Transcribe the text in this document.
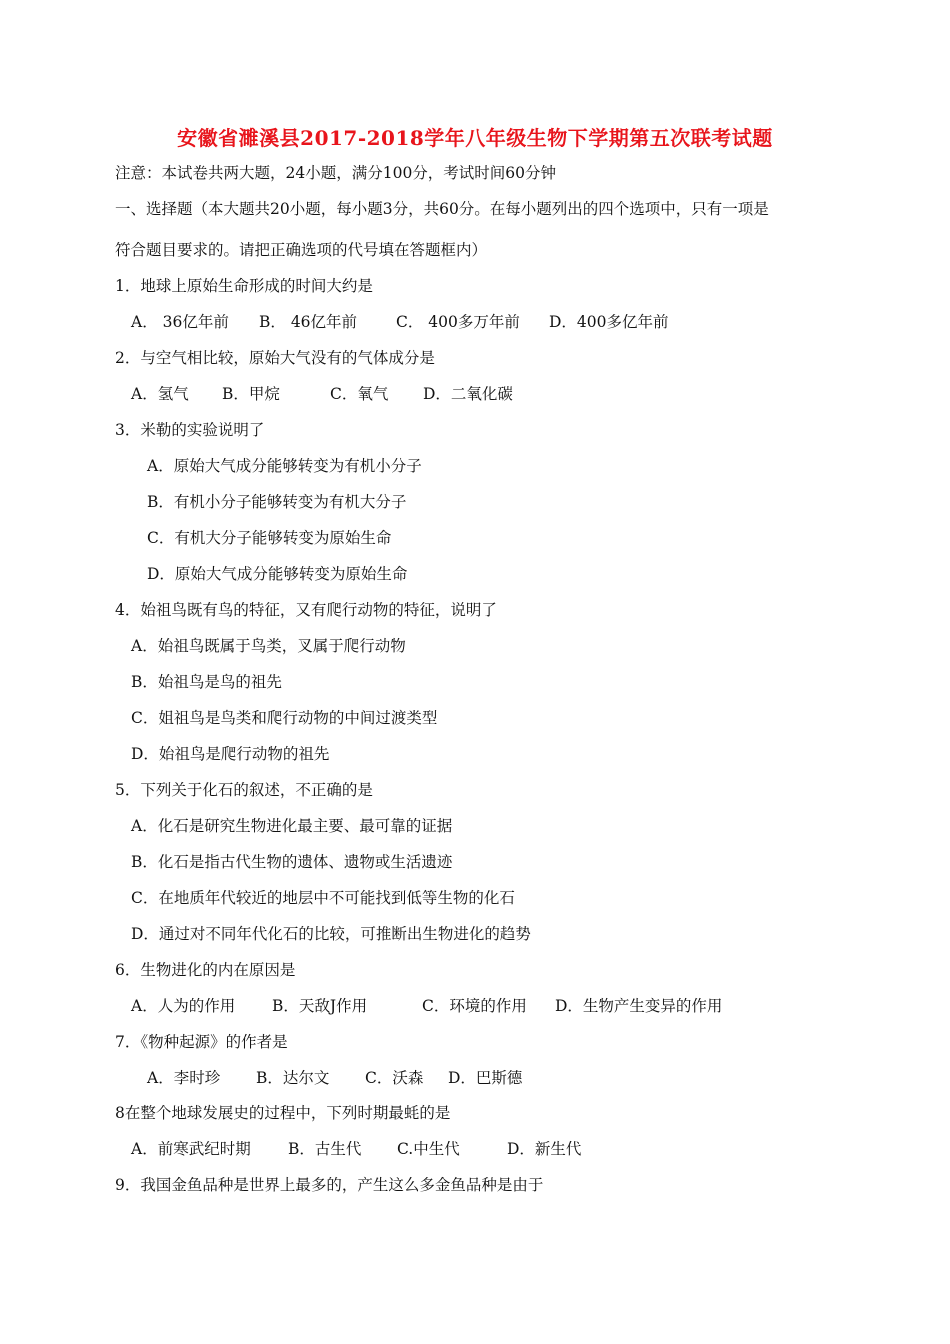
安徽省濉溪县2017-2018学年八年级生物下学期第五次联考试题
注意：本试卷共两大题，24小题，满分100分，考试时间60分钟
一、选择题（本大题共20小题，每小题3分，共60分。在每小题列出的四个选项中，只有一项是
符合题目要求的。请把正确选项的代号填在答题框内）
1．地球上原始生命形成的时间大约是
A． 36亿年前 B． 46亿年前	C． 400多万年前 D．400多亿年前
2．与空气相比较，原始大气没有的气体成分是
A．氢气 B．甲烷	C．氧气 D．二氧化碳
3．米勒的实验说明了
A．原始大气成分能够转变为有机小分子
B．有机小分子能够转变为有机大分子
C．有机大分子能够转变为原始生命
D．原始大气成分能够转变为原始生命
4．始祖鸟既有鸟的特征，又有爬行动物的特征，说明了
A．始祖鸟既属于鸟类，叉属于爬行动物
B．始祖鸟是鸟的祖先
C．姐祖鸟是鸟类和爬行动物的中间过渡类型
D．始祖鸟是爬行动物的祖先
5．下列关于化石的叙述，不正确的是
A．化石是研究生物进化最主要、最可靠的证据
B．化石是指古代生物的遗体、遗物或生活遗迹
C．在地质年代较近的地层中不可能找到低等生物的化石
D．通过对不同年代化石的比较，可推断出生物进化的趋势
6．生物进化的内在原因是
A．人为的作用 B．天敌J作用	C．环境的作用 D．生物产生变异的作用
7．《物种起源》的作者是
A．李时珍 B．达尔文 C．沃森 D．巴斯德
8在整个地球发展史的过程中，下列时期最蚝的是
A．前寒武纪时期 B．古生代 C.中生代	D．新生代
9．我国金鱼品种是世界上最多的，产生这么多金鱼品种是由于
